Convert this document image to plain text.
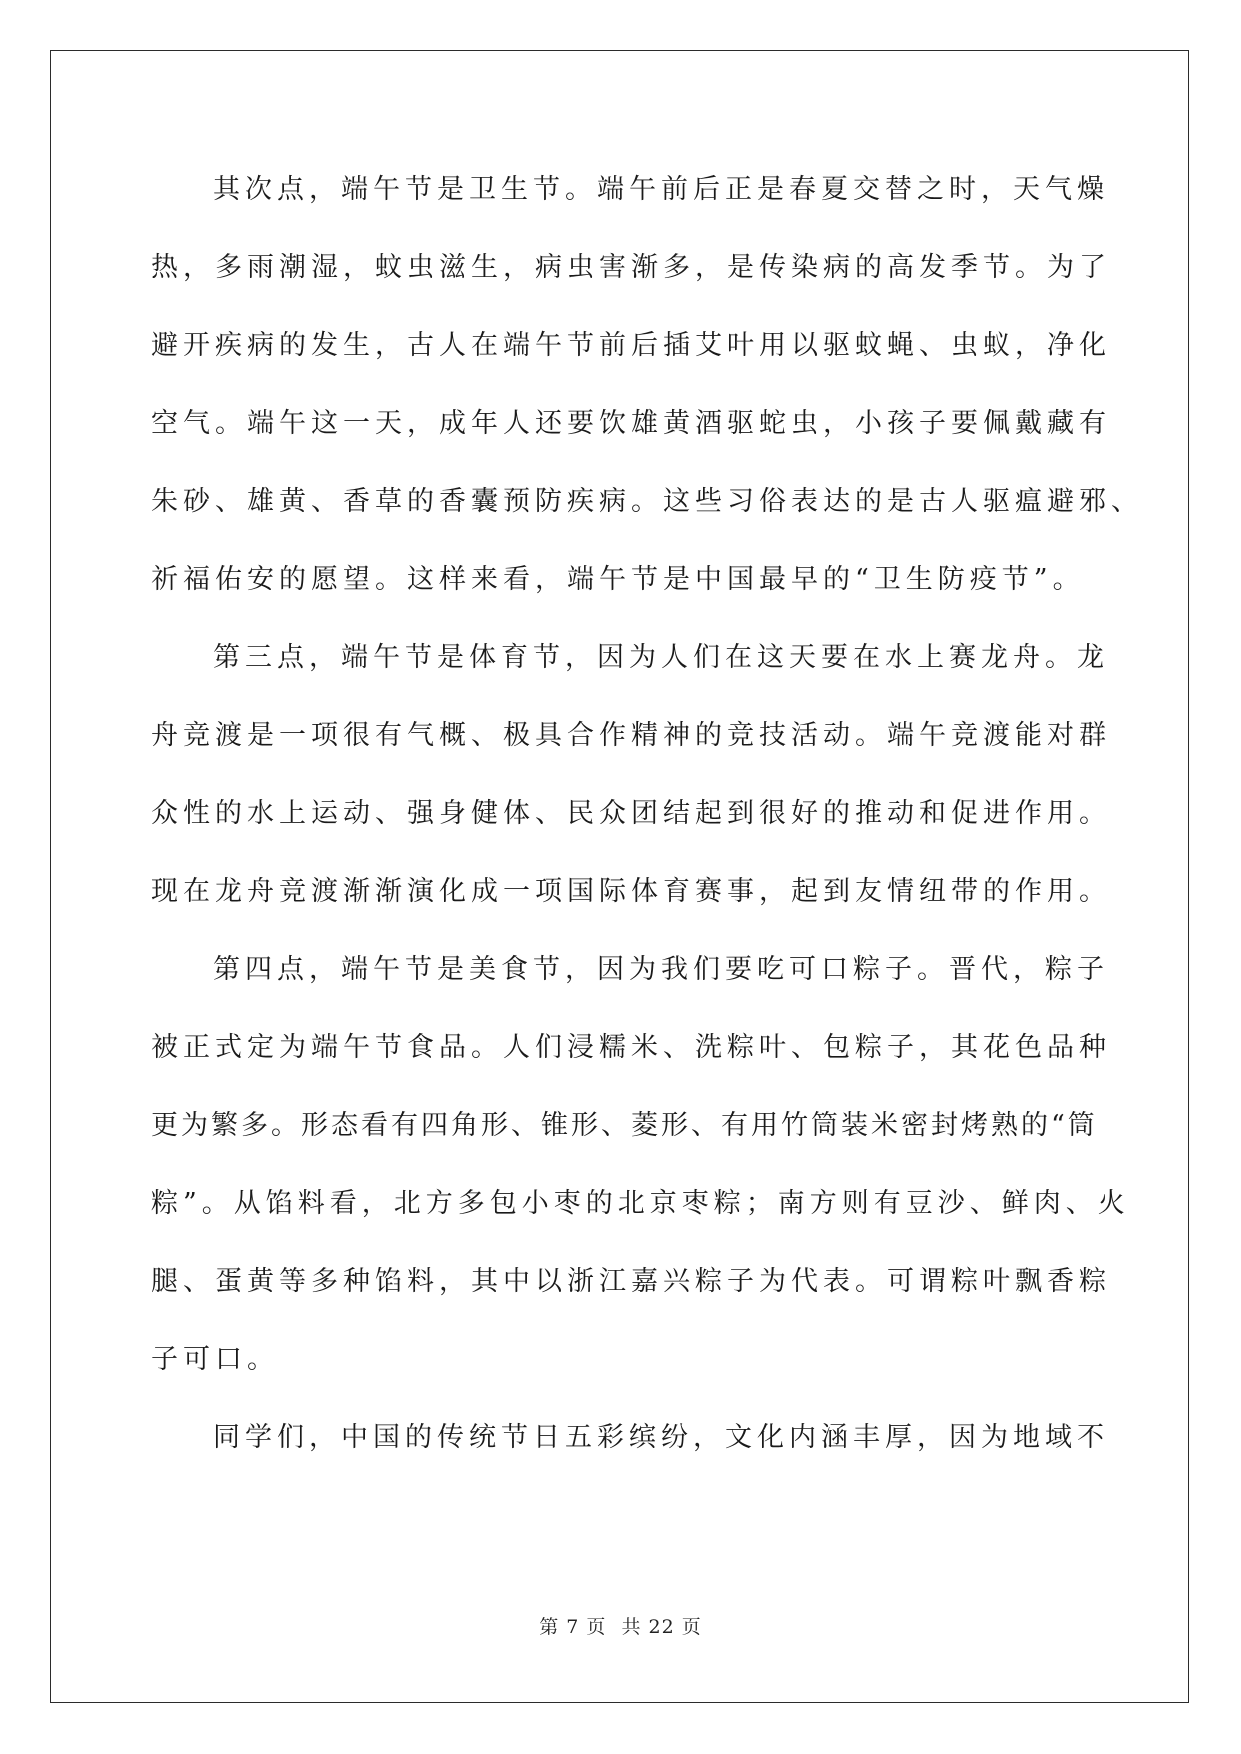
其次点，端午节是卫生节。端午前后正是春夏交替之时，天气燥
热，多雨潮湿，蚊虫滋生，病虫害渐多，是传染病的高发季节。为了
避开疾病的发生，古人在端午节前后插艾叶用以驱蚊蝇、虫蚁，净化
空气。端午这一天，成年人还要饮雄黄酒驱蛇虫，小孩子要佩戴藏有
朱砂、雄黄、香草的香囊预防疾病。这些习俗表达的是古人驱瘟避邪、
祈福佑安的愿望。这样来看，端午节是中国最早的“卫生防疫节”。
第三点，端午节是体育节，因为人们在这天要在水上赛龙舟。龙
舟竞渡是一项很有气概、极具合作精神的竞技活动。端午竞渡能对群
众性的水上运动、强身健体、民众团结起到很好的推动和促进作用。
现在龙舟竞渡渐渐演化成一项国际体育赛事，起到友情纽带的作用。
第四点，端午节是美食节，因为我们要吃可口粽子。晋代，粽子
被正式定为端午节食品。人们浸糯米、洗粽叶、包粽子，其花色品种
更为繁多。形态看有四角形、锥形、菱形、有用竹筒装米密封烤熟的“筒
粽”。从馅料看，北方多包小枣的北京枣粽；南方则有豆沙、鲜肉、火
腿、蛋黄等多种馅料，其中以浙江嘉兴粽子为代表。可谓粽叶飘香粽
子可口。
同学们，中国的传统节日五彩缤纷，文化内涵丰厚，因为地域不
第 7 页 共 22 页
